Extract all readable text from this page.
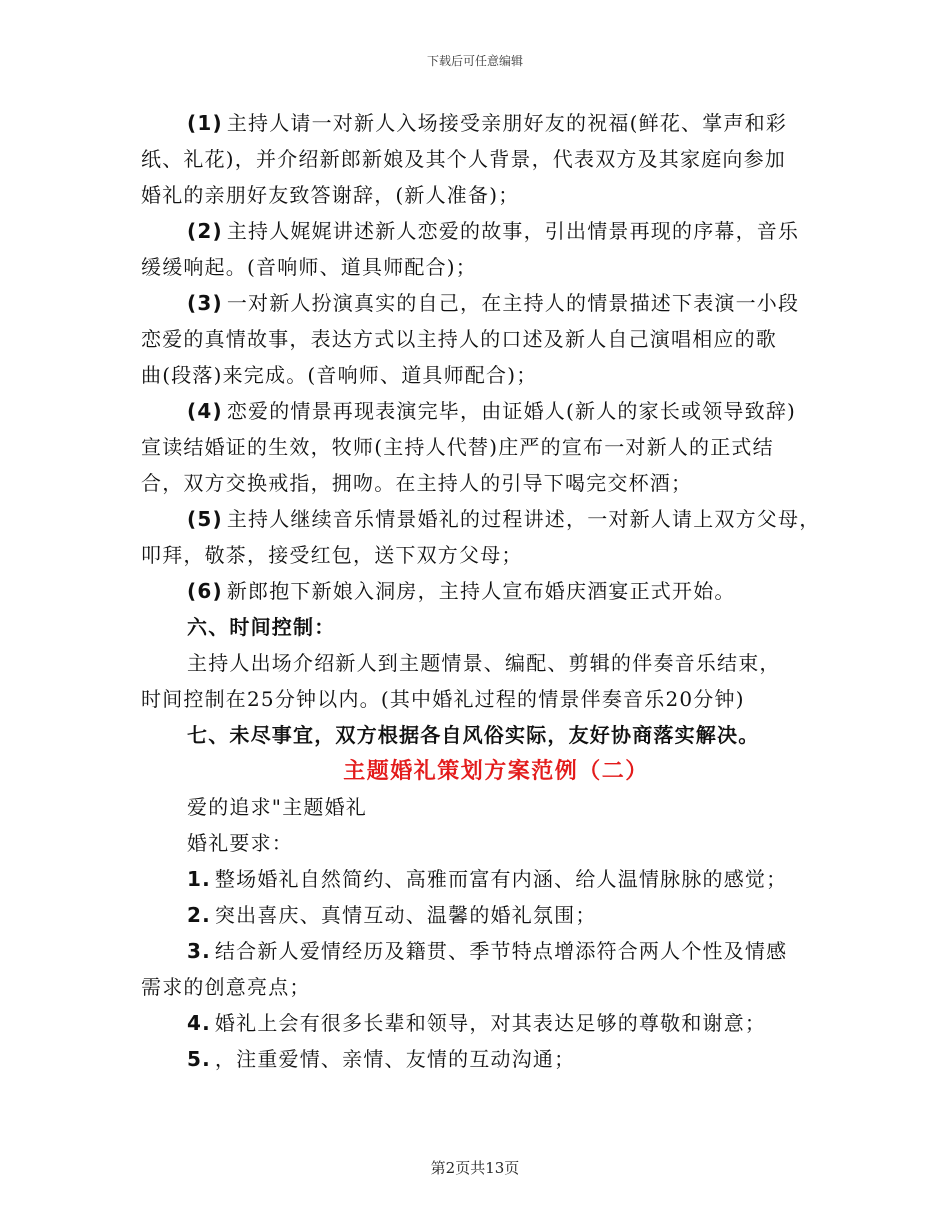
下载后可任意编辑
(1) 主持人请一对新人入场接受亲朋好友的祝福(鲜花、掌声和彩
纸、礼花)，并介绍新郎新娘及其个人背景，代表双方及其家庭向参加
婚礼的亲朋好友致答谢辞，(新人准备)；
(2) 主持人娓娓讲述新人恋爱的故事，引出情景再现的序幕，音乐
缓缓响起。(音响师、道具师配合)；
(3) 一对新人扮演真实的自己，在主持人的情景描述下表演一小段
恋爱的真情故事，表达方式以主持人的口述及新人自己演唱相应的歌
曲(段落)来完成。(音响师、道具师配合)；
(4) 恋爱的情景再现表演完毕，由证婚人(新人的家长或领导致辞)
宣读结婚证的生效，牧师(主持人代替)庄严的宣布一对新人的正式结
合，双方交换戒指，拥吻。在主持人的引导下喝完交杯酒；
(5) 主持人继续音乐情景婚礼的过程讲述，一对新人请上双方父母，
叩拜，敬茶，接受红包，送下双方父母；
(6) 新郎抱下新娘入洞房，主持人宣布婚庆酒宴正式开始。
六、时间控制：
主持人出场介绍新人到主题情景、编配、剪辑的伴奏音乐结束，
时间控制在25分钟以内。(其中婚礼过程的情景伴奏音乐20分钟)
七、未尽事宜，双方根据各自风俗实际，友好协商落实解决。
主题婚礼策划方案范例（二）
爱的追求"主题婚礼
婚礼要求：
1. 整场婚礼自然简约、高雅而富有内涵、给人温情脉脉的感觉；
2. 突出喜庆、真情互动、温馨的婚礼氛围；
3. 结合新人爱情经历及籍贯、季节特点增添符合两人个性及情感
需求的创意亮点；
4. 婚礼上会有很多长辈和领导，对其表达足够的尊敬和谢意；
5. ，注重爱情、亲情、友情的互动沟通；
第2页共13页
